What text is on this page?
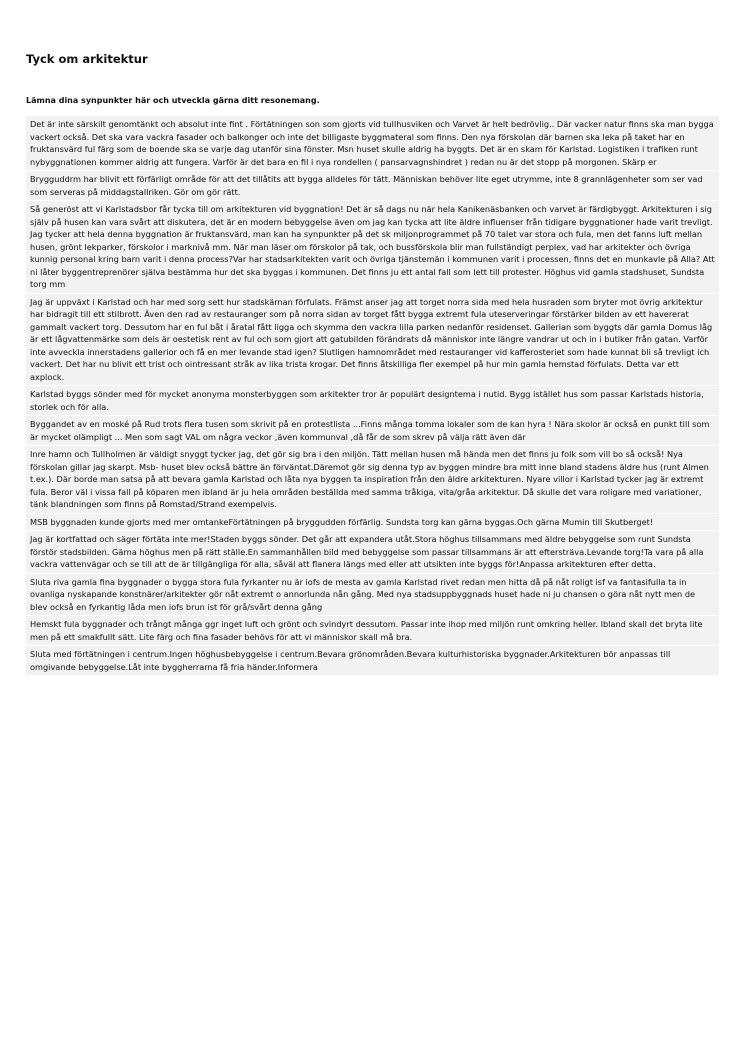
Tyck om arkitektur
Lämna dina synpunkter här och utveckla gärna ditt resonemang.
Det är inte särskilt genomtänkt och absolut inte fint . Förtätningen son som gjorts vid tullhusviken och Varvet är helt bedrövlig.. Där vacker natur finns ska man bygga vackert också. Det ska vara vackra fasader och balkonger och inte det billigaste byggmateral som finns. Den nya förskolan där barnen ska leka på taket har en fruktansvärd ful färg som de boende ska se varje dag utanför sina fönster. Msn huset skulle aldrig ha byggts. Det är en skam för Karlstad. Logistiken i trafiken runt nybyggnationen kommer aldrig att fungera. Varför är det bara en fil i nya rondellen ( pansarvagnshindret ) redan nu är det stopp på morgonen. Skärp er
Brygguddrm har blivit ett förfärligt område för att det tillåtits att bygga alldeles för tätt. Människan behöver lite eget utrymme, inte 8 grannlägenheter som ser vad som serveras på middagstallriken. Gör om gör rätt.
Så generöst att vi Karlstadsbor får tycka till om arkitekturen vid byggnation! Det är så dags nu när hela Kanikenäsbanken och varvet är färdigbyggt. Arkitekturen i sig själv på husen kan vara svårt att diskutera, det är en modern bebyggelse även om jag kan tycka att lite äldre influenser från tidigare byggnationer hade varit trevligt. Jag tycker att hela denna byggnation är fruktansvärd, man kan ha synpunkter på det sk miljonprogrammet på 70 talet var stora och fula, men det fanns luft mellan husen, grönt lekparker, förskolor i marknivå mm. När man läser om förskolor på tak, och bussförskola blir man fullständigt perplex, vad har arkitekter och övriga kunnig personal kring barn varit i denna process?Var har stadsarkitekten varit och övriga tjänstemän i kommunen varit i processen, finns det en munkavle på Alla? Att ni låter byggentreprenörer själva bestämma hur det ska byggas i kommunen. Det finns ju ett antal fall som lett till protester. Höghus vid gamla stadshuset, Sundsta torg mm
Jag är uppväxt i Karlstad och har med sorg sett hur stadskärnan förfulats. Främst anser jag att torget norra sida med hela husraden som bryter mot övrig arkitektur har bidragit till ett stilbrott. Även den rad av restauranger som på norra sidan av torget fått bygga extremt fula uteserveringar förstärker bilden av ett havererat gammalt vackert torg. Dessutom har en ful båt i åratal fått ligga och skymma den vackra lilla parken nedanför residenset. Gallerian som byggts där gamla Domus låg är ett lågvattenmärke som dels är oestetisk rent av ful och som gjort att gatubilden förändrats då människor inte längre vandrar ut och in i butiker från gatan. Varför inte avveckla innerstadens gallerior och få en mer levande stad igen? Slutligen hamnområdet med restauranger vid kafferosteriet som hade kunnat bli så trevligt ich vackert. Det har nu blivit ett trist och ointressant stråk av lika trista krogar. Det finns åtskilliga fler exempel på hur min gamla hemstad förfulats. Detta var ett axplock.
Karlstad byggs sönder med för mycket anonyma monsterbyggen som arkitekter tror är populärt designtema i nutid. Bygg istället hus som passar Karlstads historia, storlek och för alla.
Byggandet av en moské på Rud trots flera tusen som skrivit på en protestlista ...Finns många tomma lokaler som de kan hyra ! Nära skolor är också en punkt till som är mycket olämpligt ... Men som sagt VAL om några veckor ,även kommunval ,då får de som skrev på välja rätt även där
Inre hamn och Tullholmen är väldigt snyggt tycker jag, det gör sig bra i den miljön. Tätt mellan husen må hända men det finns ju folk som vill bo så också! Nya förskolan gillar jag skarpt. Msb- huset blev också bättre än förväntat.Däremot gör sig denna typ av byggen mindre bra mitt inne bland stadens äldre hus (runt Almen t.ex.). Där borde man satsa på att bevara gamla Karlstad och låta nya byggen ta inspiration från den äldre arkitekturen. Nyare villor i Karlstad tycker jag är extremt fula. Beror väl i vissa fall på köparen men ibland är ju hela områden beställda med samma tråkiga, vita/gråa arkitektur. Då skulle det vara roligare med variationer, tänk blandningen som finns på Romstad/Strand exempelvis.
MSB byggnaden kunde gjorts med mer omtankeFörtätningen på bryggudden förfärlig. Sundsta torg kan gärna byggas.Och gärna Mumin till Skutberget!
Jag är kortfattad och säger förtäta inte mer!Staden byggs sönder. Det går att expandera utåt.Stora höghus tillsammans med äldre bebyggelse som runt Sundsta förstör stadsbilden. Gärna höghus men på rätt ställe.En sammanhållen bild med bebyggelse som passar tillsammans är att eftersträva.Levande torg!Ta vara på alla vackra vattenvägar och se till att de är tillgängliga för alla, såväl att flanera längs med eller att utsikten inte byggs för!Anpassa arkitekturen efter detta.
Sluta riva gamla fina byggnader o bygga stora fula fyrkanter nu är iofs de mesta av gamla Karlstad rivet redan men hitta då på nåt roligt isf va fantasifulla ta in ovanliga nyskapande konstnärer/arkitekter gör nåt extremt o annorlunda nån gång. Med nya stadsuppbyggnads huset hade ni ju chansen o göra nåt nytt men de blev också en fyrkantig låda men iofs brun ist för grå/svårt denna gång
Hemskt fula byggnader och trångt många ggr inget luft och grönt och svindyrt dessutom. Passar inte ihop med miljön runt omkring heller. Ibland skall det bryta lite men på ett smakfullt sätt. Lite färg och fina fasader behövs för att vi människor skall må bra.
Sluta med förtätningen i centrum.Ingen höghusbebyggelse i centrum.Bevara grönområden.Bevara kulturhistoriska byggnader.Arkitekturen bör anpassas till omgivande bebyggelse.Låt inte byggherrarna få fria händer.Informera
